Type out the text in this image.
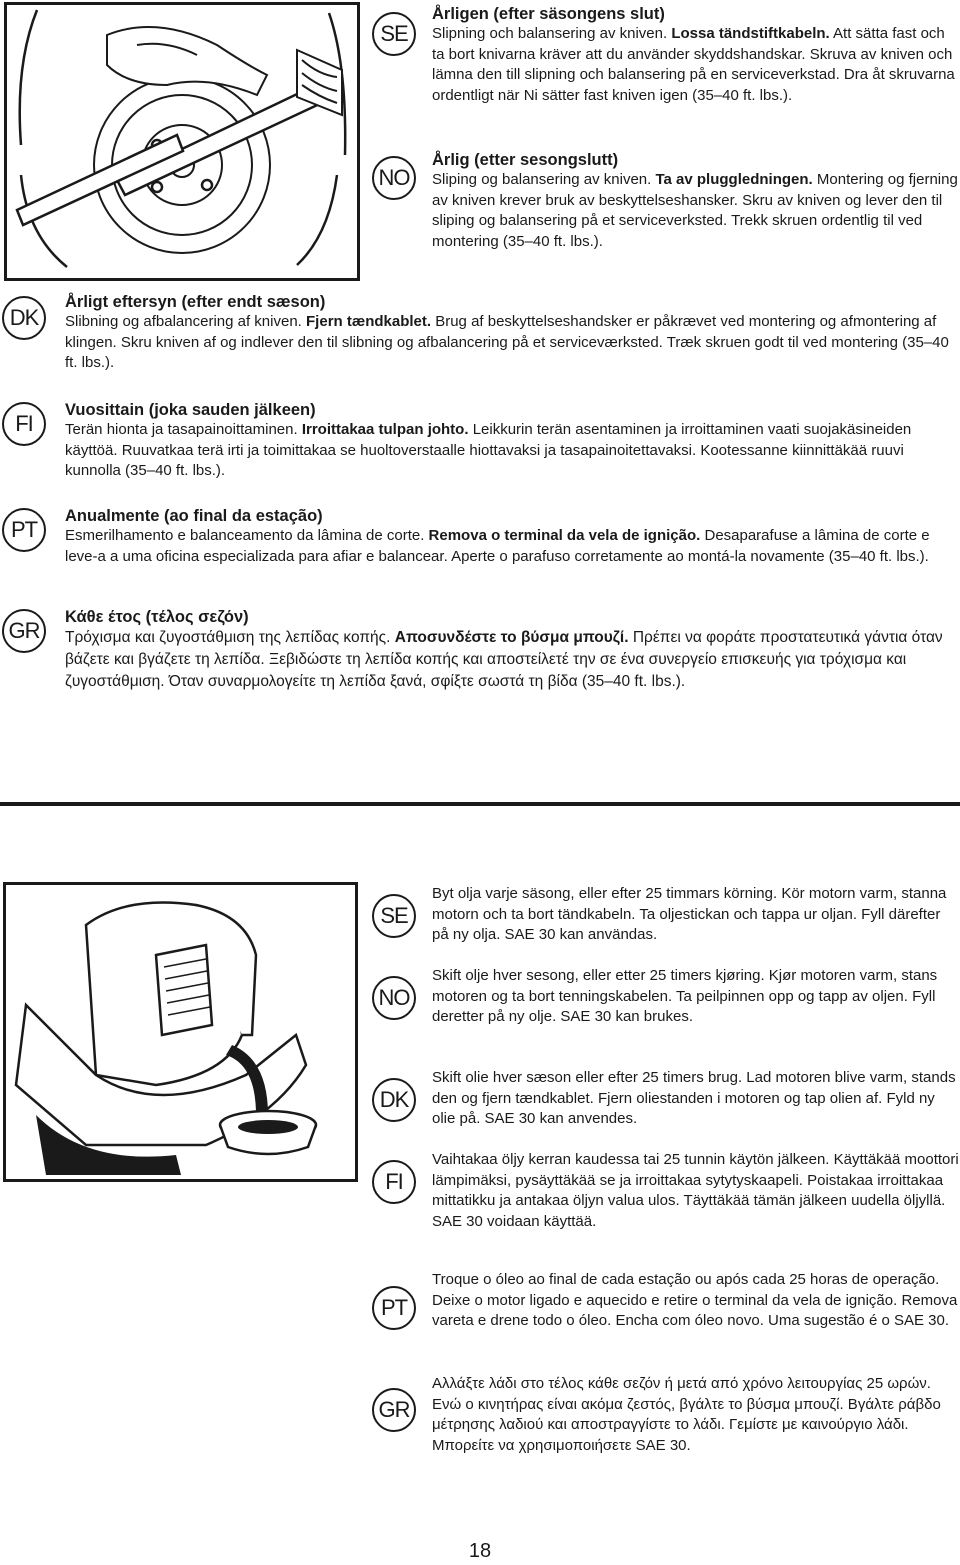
SE
Årligen (efter säsongens slut)
Slipning och balansering av kniven. Lossa tändstiftkabeln. Att sätta fast och ta bort knivarna kräver att du använder skyddshandskar. Skruva av kniven och lämna den till slipning och balansering på en serviceverkstad. Dra åt skruvarna ordentligt när Ni sätter fast kniven igen (35–40 ft. lbs.).
NO
Årlig (etter sesongslutt)
Sliping og balansering av kniven. Ta av pluggledningen. Montering og fjerning av kniven krever bruk av beskyttelseshansker. Skru av kniven og lever den til sliping og balansering på et serviceverksted. Trekk skruen ordentlig til ved montering (35–40 ft. lbs.).
DK
Årligt eftersyn (efter endt sæson)
Slibning og afbalancering af kniven. Fjern tændkablet. Brug af beskyttelseshandsker er påkrævet ved montering og afmontering af klingen. Skru kniven af og indlever den til slibning og afbalancering på et serviceværksted. Træk skruen godt til ved montering (35–40 ft. lbs.).
FI
Vuosittain (joka sauden jälkeen)
Terän hionta ja tasapainoittaminen. Irroittakaa tulpan johto. Leikkurin terän asentaminen ja irroittaminen vaati suojakäsineiden käyttöä. Ruuvatkaa terä irti ja toimittakaa se huoltoverstaalle hiottavaksi ja tasapainoitettavaksi. Kootessanne kiinnittäkää ruuvi kunnolla (35–40 ft. lbs.).
PT
Anualmente (ao final da estação)
Esmerilhamento e balanceamento da lâmina de corte. Remova o terminal da vela de ignição. Desaparafuse a lâmina de corte e leve-a a uma oficina especializada para afiar e balancear. Aperte o parafuso corretamente ao montá-la novamente (35–40 ft. lbs.).
GR
Κάθε έτος (τέλος σεζόν)
Τρόχισμα και ζυγοστάθμιση της λεπίδας κοπής. Αποσυνδέστε το βύσμα μπουζί. Πρέπει να φοράτε προστατευτικά γάντια όταν βάζετε και βγάζετε τη λεπίδα. Ξεβιδώστε τη λεπίδα κοπής και αποστείλετέ την σε ένα συνεργείο επισκευής για τρόχισμα και ζυγοστάθμιση. Όταν συναρμολογείτε τη λεπίδα ξανά, σφίξτε σωστά τη βίδα (35–40 ft. lbs.).
SE
Byt olja varje säsong, eller efter 25 timmars körning. Kör motorn varm, stanna motorn och ta bort tändkabeln. Ta oljestickan och tappa ur oljan. Fyll därefter på ny olja. SAE 30 kan användas.
NO
Skift olje hver sesong, eller etter 25 timers kjøring. Kjør motoren varm, stans motoren og ta bort tenningskabelen. Ta peilpinnen opp og tapp av oljen. Fyll deretter på ny olje. SAE 30 kan brukes.
DK
Skift olie hver sæson eller efter 25 timers brug. Lad motoren blive varm, stands den og fjern tændkablet. Fjern oliestanden i motoren og tap olien af. Fyld ny olie på. SAE 30 kan anvendes.
FI
Vaihtakaa öljy kerran kaudessa tai 25 tunnin käytön jälkeen. Käyttäkää moottori lämpimäksi, pysäyttäkää se ja irroittakaa sytytyskaapeli. Poistakaa irroittakaa mittatikku ja antakaa öljyn valua ulos. Täyttäkää tämän jälkeen uudella öljyllä. SAE 30 voidaan käyttää.
PT
Troque o óleo ao final de cada estação ou após cada 25 horas de operação. Deixe o motor ligado e aquecido e retire o terminal da vela de ignição. Remova vareta e drene todo o óleo. Encha com óleo novo. Uma sugestão é o SAE 30.
GR
Αλλάξτε λάδι στο τέλος κάθε σεζόν ή μετά από χρόνο λειτουργίας 25 ωρών. Ενώ ο κινητήρας είναι ακόμα ζεστός, βγάλτε το βύσμα μπουζί. Βγάλτε ράβδο μέτρησης λαδιού και αποστραγγίστε το λάδι. Γεμίστε με καινούργιο λάδι. Μπορείτε να χρησιμοποιήσετε SAE 30.
18
